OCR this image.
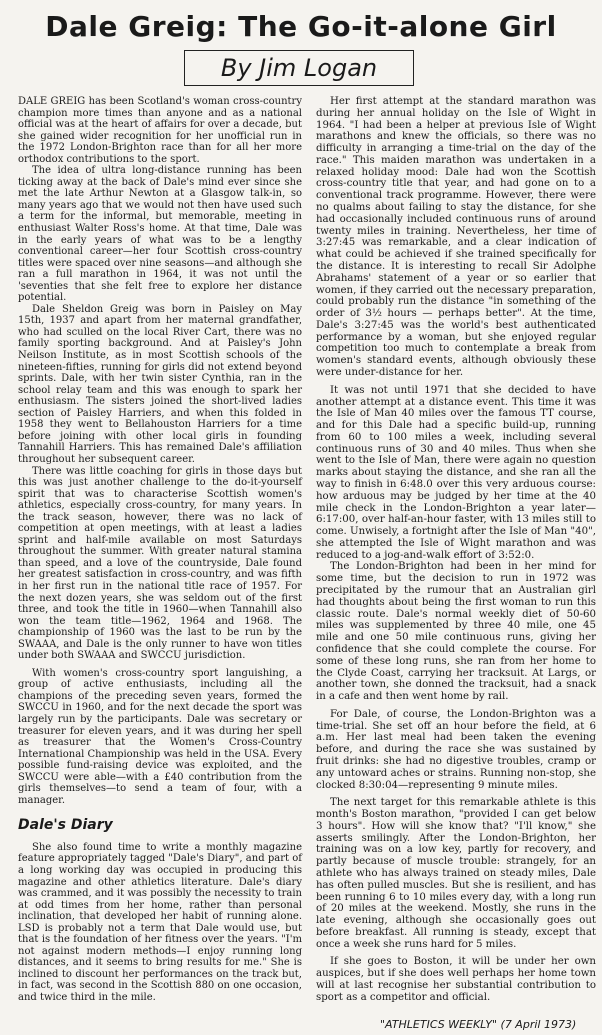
Dale Greig: The Go-it-alone Girl
By Jim Logan

DALE GREIG has been Scotland's woman cross-country champion more times than anyone and as a national official was at the heart of affairs for over a decade, but she gained wider recognition for her unofficial run in the 1972 London-Brighton race than for all her more orthodox contributions to the sport.

The idea of ultra long-distance running has been ticking away at the back of Dale's mind ever since she met the late Arthur Newton at a Glasgow talk-in, so many years ago that we would not then have used such a term for the informal, but memorable, meeting in enthusiast Walter Ross's home. At that time, Dale was in the early years of what was to be a lengthy conventional career—her four Scottish cross-country titles were spaced over nine seasons—and although she ran a full marathon in 1964, it was not until the 'seventies that she felt free to explore her distance potential.

Dale Sheldon Greig was born in Paisley on May 15th, 1937 and apart from her maternal grandfather, who had sculled on the local River Cart, there was no family sporting background. And at Paisley's John Neilson Institute, as in most Scottish schools of the nineteen-fifties, running for girls did not extend beyond sprints. Dale, with her twin sister Cynthia, ran in the school relay team and this was enough to spark her enthusiasm. The sisters joined the short-lived ladies section of Paisley Harriers, and when this folded in 1958 they went to Bellahouston Harriers for a time before joining with other local girls in founding Tannahill Harriers. This has remained Dale's affiliation throughout her subsequent career.

There was little coaching for girls in those days but this was just another challenge to the do-it-yourself spirit that was to characterise Scottish women's athletics, especially cross-country, for many years. In the track season, however, there was no lack of competition at open meetings, with at least a ladies sprint and half-mile available on most Saturdays throughout the summer. With greater natural stamina than speed, and a love of the countryside, Dale found her greatest satisfaction in cross-country, and was fifth in her first run in the national title race of 1957. For the next dozen years, she was seldom out of the first three, and took the title in 1960—when Tannahill also won the team title—1962, 1964 and 1968. The championship of 1960 was the last to be run by the SWAAA, and Dale is the only runner to have won titles under both SWAAA and SWCCU jurisdiction.

With women's cross-country sport languishing, a group of active enthusiasts, including all the champions of the preceding seven years, formed the SWCCU in 1960, and for the next decade the sport was largely run by the participants. Dale was secretary or treasurer for eleven years, and it was during her spell as treasurer that the Women's Cross-Country International Championship was held in the USA. Every possible fund-raising device was exploited, and the SWCCU were able—with a £40 contribution from the girls themselves—to send a team of four, with a manager.

Dale's Diary

She also found time to write a monthly magazine feature appropriately tagged "Dale's Diary", and part of a long working day was occupied in producing this magazine and other athletics literature. Dale's diary was crammed, and it was possibly the necessity to train at odd times from her home, rather than personal inclination, that developed her habit of running alone. LSD is probably not a term that Dale would use, but that is the foundation of her fitness over the years. "I'm not against modern methods—I enjoy running long distances, and it seems to bring results for me." She is inclined to discount her performances on the track but, in fact, was second in the Scottish 880 on one occasion, and twice third in the mile.

Her first attempt at the standard marathon was during her annual holiday on the Isle of Wight in 1964. "I had been a helper at previous Isle of Wight marathons and knew the officials, so there was no difficulty in arranging a time-trial on the day of the race." This maiden marathon was undertaken in a relaxed holiday mood: Dale had won the Scottish cross-country title that year, and had gone on to a conventional track programme. However, there were no qualms about failing to stay the distance, for she had occasionally included continuous runs of around twenty miles in training. Nevertheless, her time of 3:27:45 was remarkable, and a clear indication of what could be achieved if she trained specifically for the distance. It is interesting to recall Sir Adolphe Abrahams' statement of a year or so earlier that women, if they carried out the necessary preparation, could probably run the distance "in something of the order of 3½ hours — perhaps better". At the time, Dale's 3:27:45 was the world's best authenticated performance by a woman, but she enjoyed regular competition too much to contemplate a break from women's standard events, although obviously these were under-distance for her.

It was not until 1971 that she decided to have another attempt at a distance event. This time it was the Isle of Man 40 miles over the famous TT course, and for this Dale had a specific build-up, running from 60 to 100 miles a week, including several continuous runs of 30 and 40 miles. Thus when she went to the Isle of Man, there were again no question marks about staying the distance, and she ran all the way to finish in 6:48.0 over this very arduous course: how arduous may be judged by her time at the 40 mile check in the London-Brighton a year later—6:17:00, over half-an-hour faster, with 13 miles still to come. Unwisely, a fortnight after the Isle of Man "40", she attempted the Isle of Wight marathon and was reduced to a jog-and-walk effort of 3:52:0.

The London-Brighton had been in her mind for some time, but the decision to run in 1972 was precipitated by the rumour that an Australian girl had thoughts about being the first woman to run this classic route. Dale's normal weekly diet of 50-60 miles was supplemented by three 40 mile, one 45 mile and one 50 mile continuous runs, giving her confidence that she could complete the course. For some of these long runs, she ran from her home to the Clyde Coast, carrying her tracksuit. At Largs, or another town, she donned the tracksuit, had a snack in a cafe and then went home by rail.

For Dale, of course, the London-Brighton was a time-trial. She set off an hour before the field, at 6 a.m. Her last meal had been taken the evening before, and during the race she was sustained by fruit drinks: she had no digestive troubles, cramp or any untoward aches or strains. Running non-stop, she clocked 8:30:04—representing 9 minute miles.

The next target for this remarkable athlete is this month's Boston marathon, "provided I can get below 3 hours". How will she know that? "I'll know," she asserts smilingly. After the London-Brighton, her training was on a low key, partly for recovery, and partly because of muscle trouble: strangely, for an athlete who has always trained on steady miles, Dale has often pulled muscles. But she is resilient, and has been running 6 to 10 miles every day, with a long run of 20 miles at the weekend. Mostly, she runs in the late evening, although she occasionally goes out before breakfast. All running is steady, except that once a week she runs hard for 5 miles.

If she goes to Boston, it will be under her own auspices, but if she does well perhaps her home town will at last recognise her substantial contribution to sport as a competitor and official.

"ATHLETICS WEEKLY" (7 April 1973)
